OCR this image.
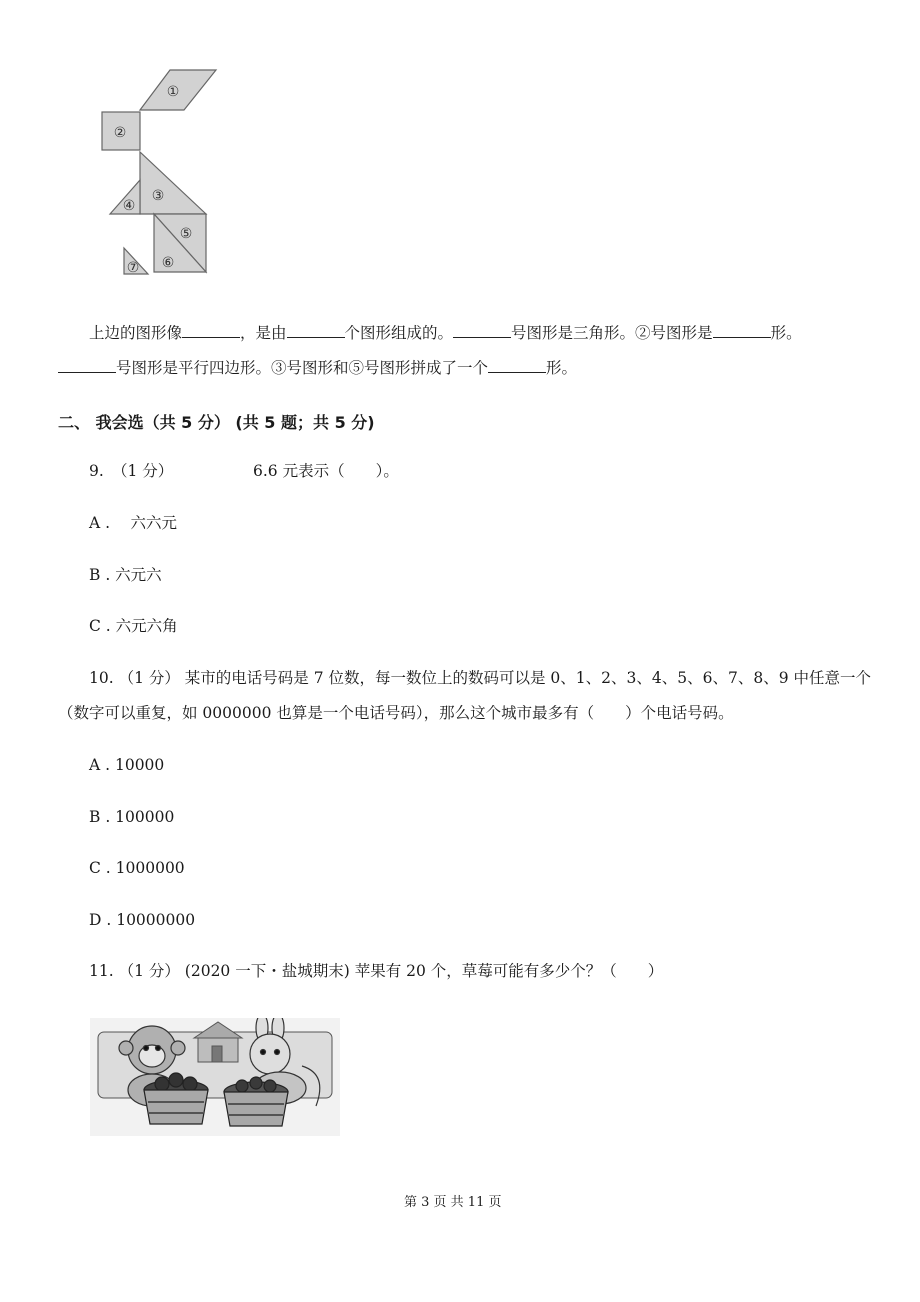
①
②
③
④
⑤
⑥
⑦
上边的图形像	，是由	个图形组成的。	号图形是三角形。②号图形是	形。
号图形是平行四边形。③号图形和⑤号图形拼成了一个	形。
二、 我会选（共 5 分） (共 5 题；共 5 分)
9. （1 分）	6.6 元表示（　　）。
A .　 六六元
B . 六元六
C . 六元六角
10. （1 分） 某市的电话号码是 7 位数，每一数位上的数码可以是 0、1、2、3、4、5、6、7、8、9 中任意一个
（数字可以重复，如 0000000 也算是一个电话号码），那么这个城市最多有（　　）个电话号码。
A . 10000
B . 100000
C . 1000000
D . 10000000
11. （1 分） (2020 一下・盐城期末) 苹果有 20 个，草莓可能有多少个？（　　）
第 3 页 共 11 页
